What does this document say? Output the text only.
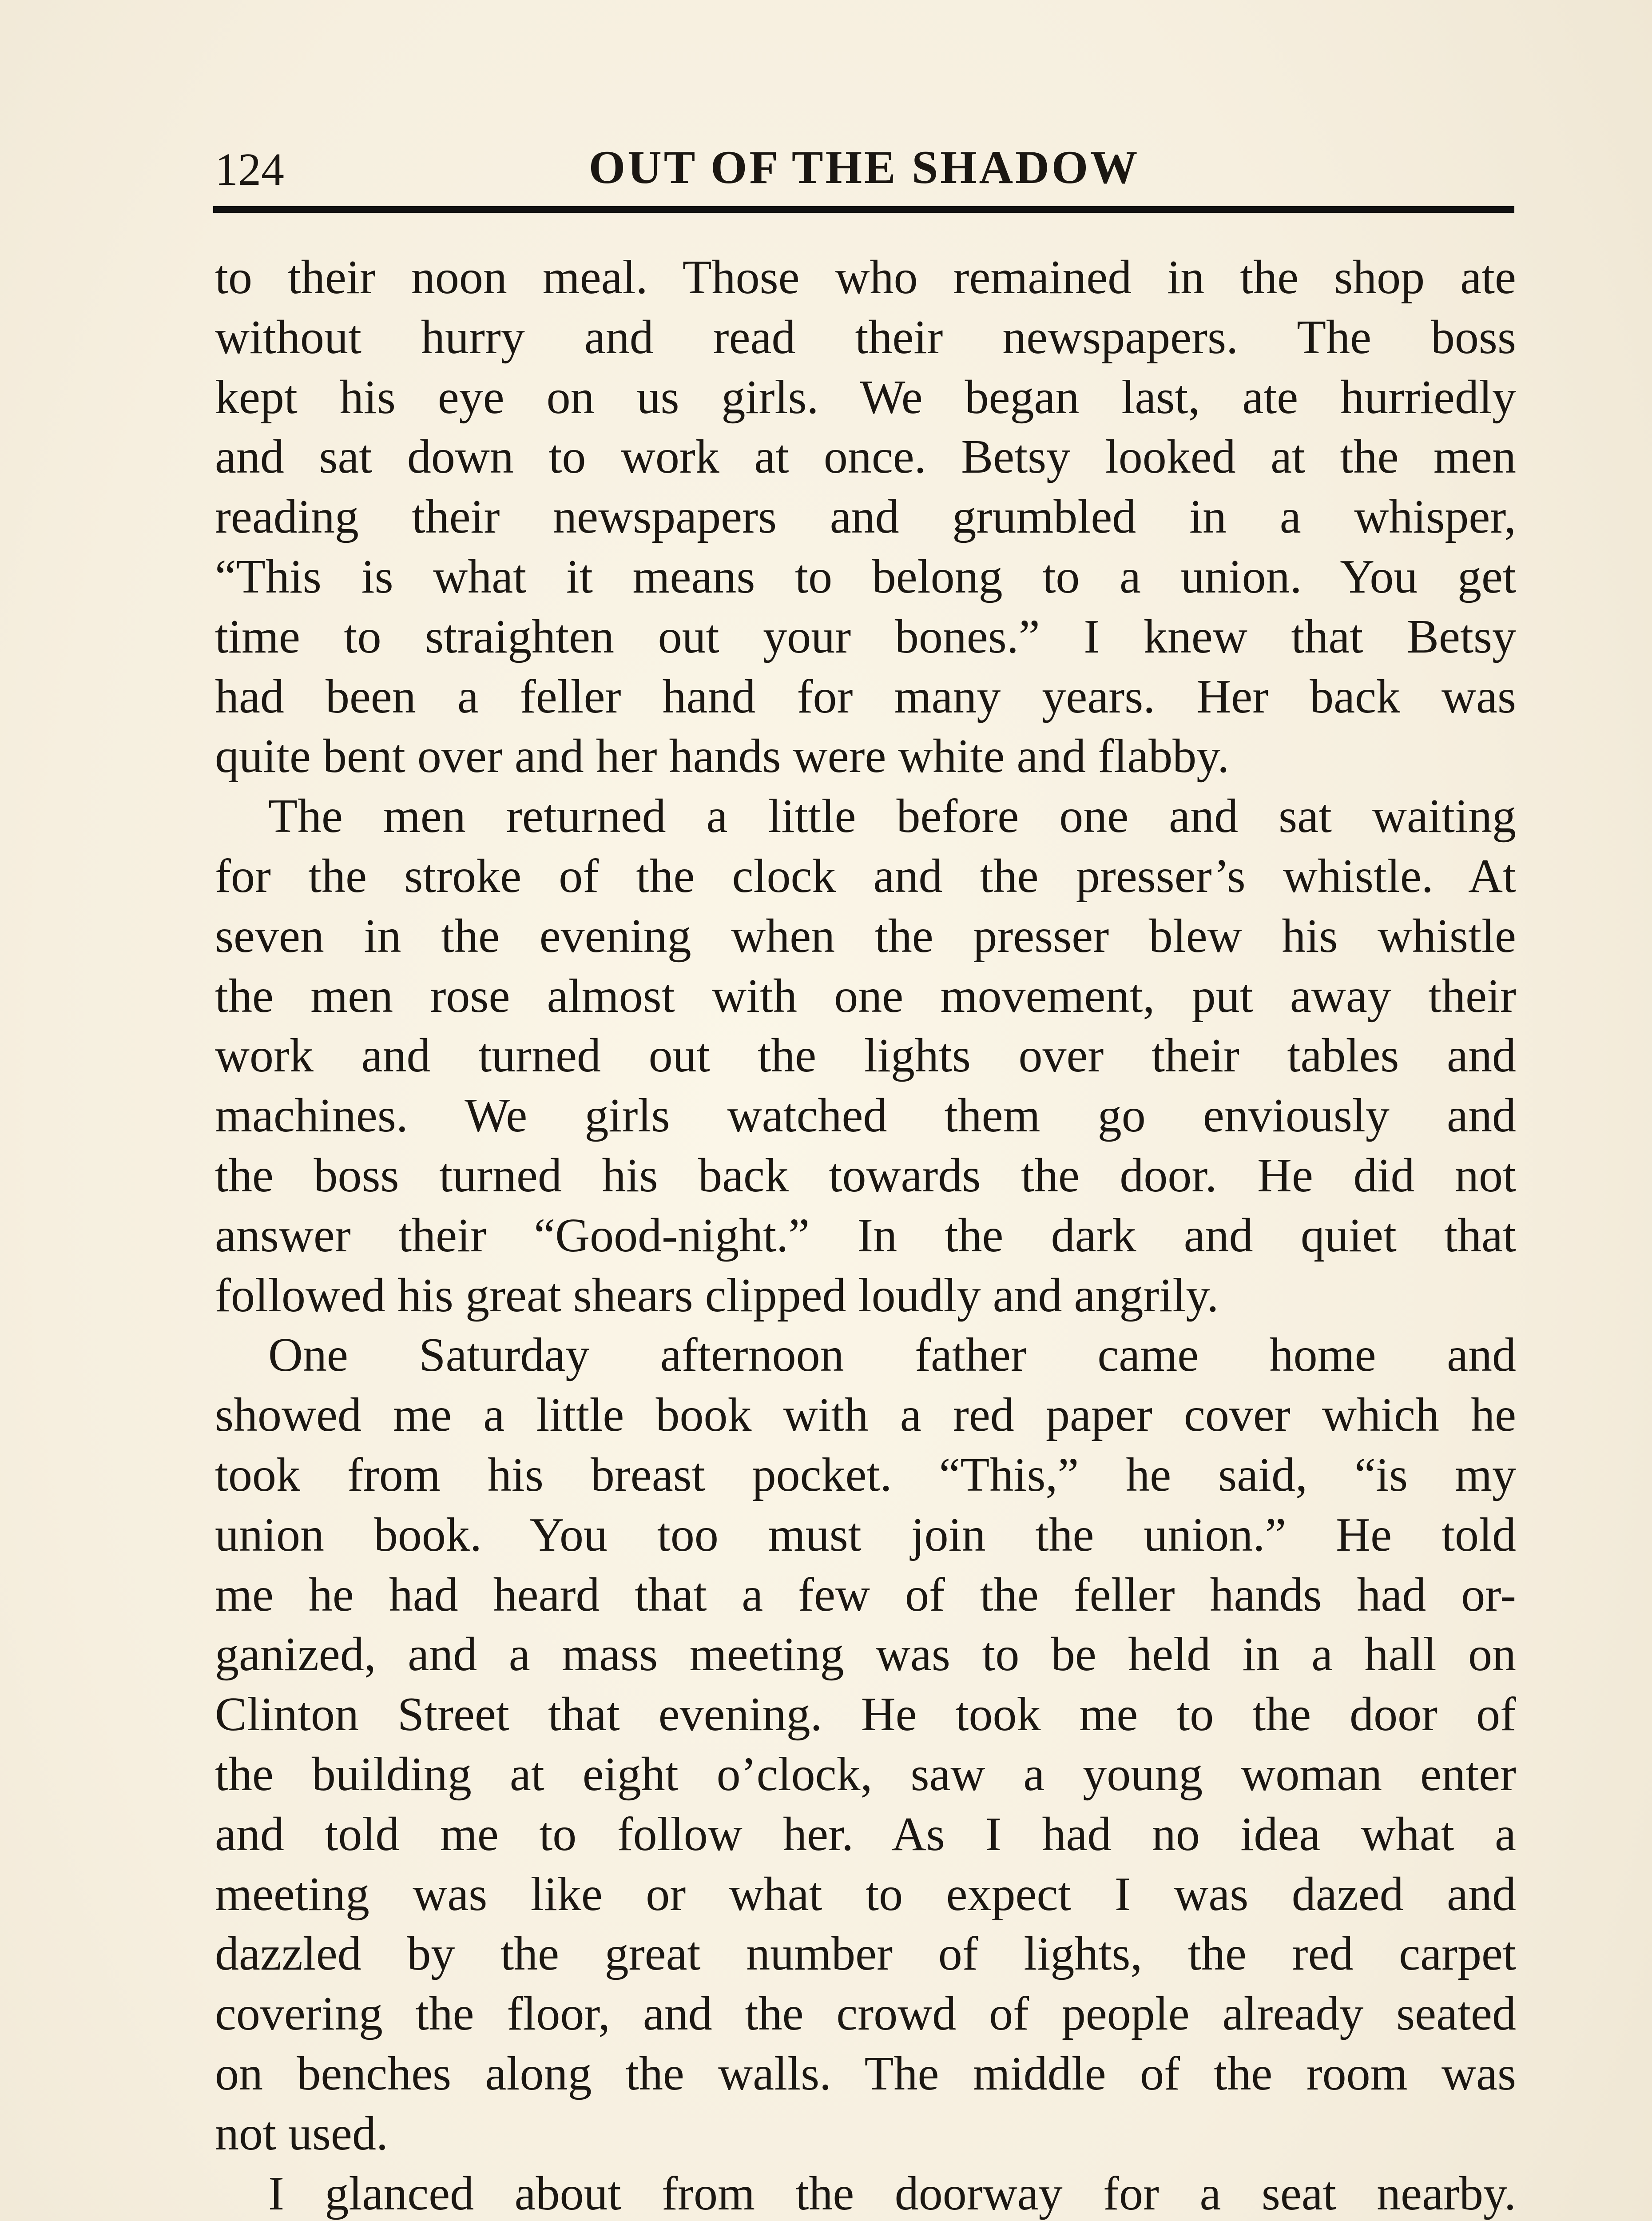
124	OUT OF THE SHADOW

to their noon meal. Those who remained in the shop ate
without hurry and read their newspapers. The boss
kept his eye on us girls. We began last, ate hurriedly
and sat down to work at once. Betsy looked at the men
reading their newspapers and grumbled in a whisper,
“This is what it means to belong to a union. You get
time to straighten out your bones.” I knew that Betsy
had been a feller hand for many years. Her back was
quite bent over and her hands were white and flabby.

The men returned a little before one and sat waiting
for the stroke of the clock and the presser’s whistle. At
seven in the evening when the presser blew his whistle
the men rose almost with one movement, put away their
work and turned out the lights over their tables and
machines. We girls watched them go enviously and
the boss turned his back towards the door. He did not
answer their “Good-night.” In the dark and quiet that
followed his great shears clipped loudly and angrily.

One Saturday afternoon father came home and
showed me a little book with a red paper cover which he
took from his breast pocket. “This,” he said, “is my
union book. You too must join the union.” He told
me he had heard that a few of the feller hands had or-
ganized, and a mass meeting was to be held in a hall on
Clinton Street that evening. He took me to the door of
the building at eight o’clock, saw a young woman enter
and told me to follow her. As I had no idea what a
meeting was like or what to expect I was dazed and
dazzled by the great number of lights, the red carpet
covering the floor, and the crowd of people already seated
on benches along the walls. The middle of the room was
not used.

I glanced about from the doorway for a seat nearby.
